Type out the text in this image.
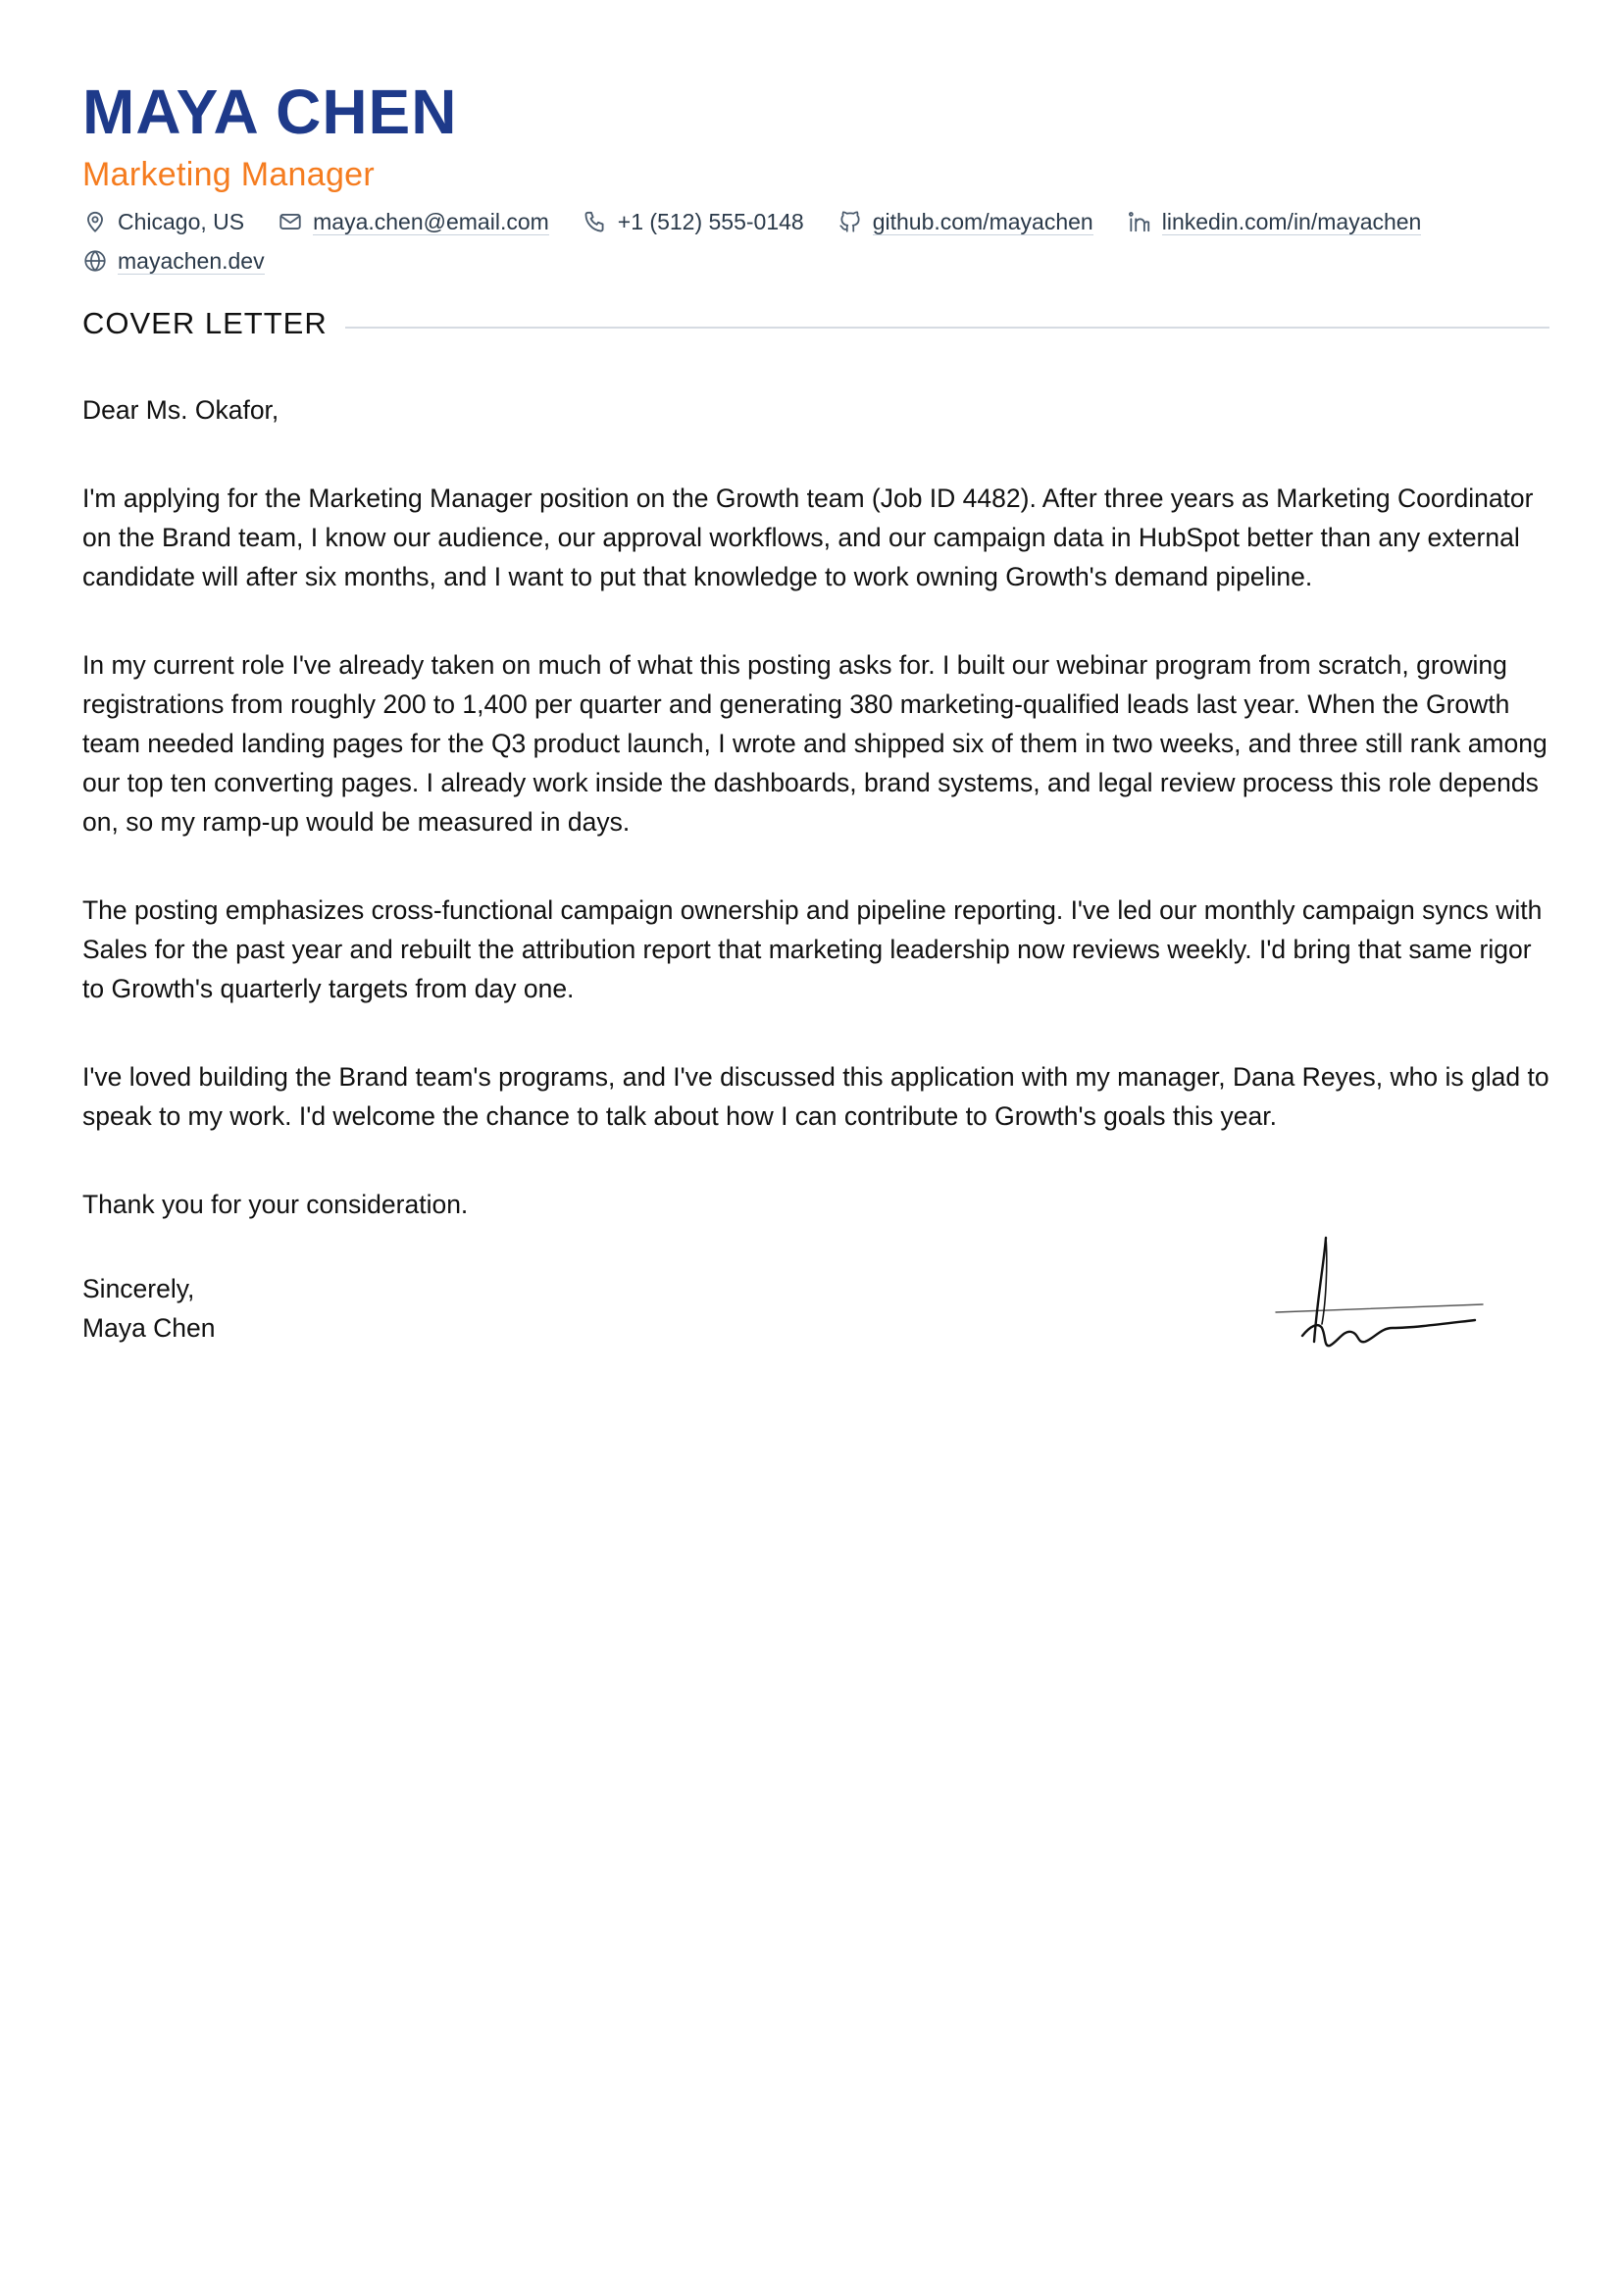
MAYA CHEN
Marketing Manager
Chicago, US	maya.chen@email.com	+1 (512) 555-0148	github.com/mayachen	linkedin.com/in/mayachen
mayachen.dev
COVER LETTER

Dear Ms. Okafor,

I'm applying for the Marketing Manager position on the Growth team (Job ID 4482). After three years as Marketing Coordinator on the Brand team, I know our audience, our approval workflows, and our campaign data in HubSpot better than any external candidate will after six months, and I want to put that knowledge to work owning Growth's demand pipeline.

In my current role I've already taken on much of what this posting asks for. I built our webinar program from scratch, growing registrations from roughly 200 to 1,400 per quarter and generating 380 marketing-qualified leads last year. When the Growth team needed landing pages for the Q3 product launch, I wrote and shipped six of them in two weeks, and three still rank among our top ten converting pages. I already work inside the dashboards, brand systems, and legal review process this role depends on, so my ramp-up would be measured in days.

The posting emphasizes cross-functional campaign ownership and pipeline reporting. I've led our monthly campaign syncs with Sales for the past year and rebuilt the attribution report that marketing leadership now reviews weekly. I'd bring that same rigor to Growth's quarterly targets from day one.

I've loved building the Brand team's programs, and I've discussed this application with my manager, Dana Reyes, who is glad to speak to my work. I'd welcome the chance to talk about how I can contribute to Growth's goals this year.

Thank you for your consideration.

Sincerely,
Maya Chen
